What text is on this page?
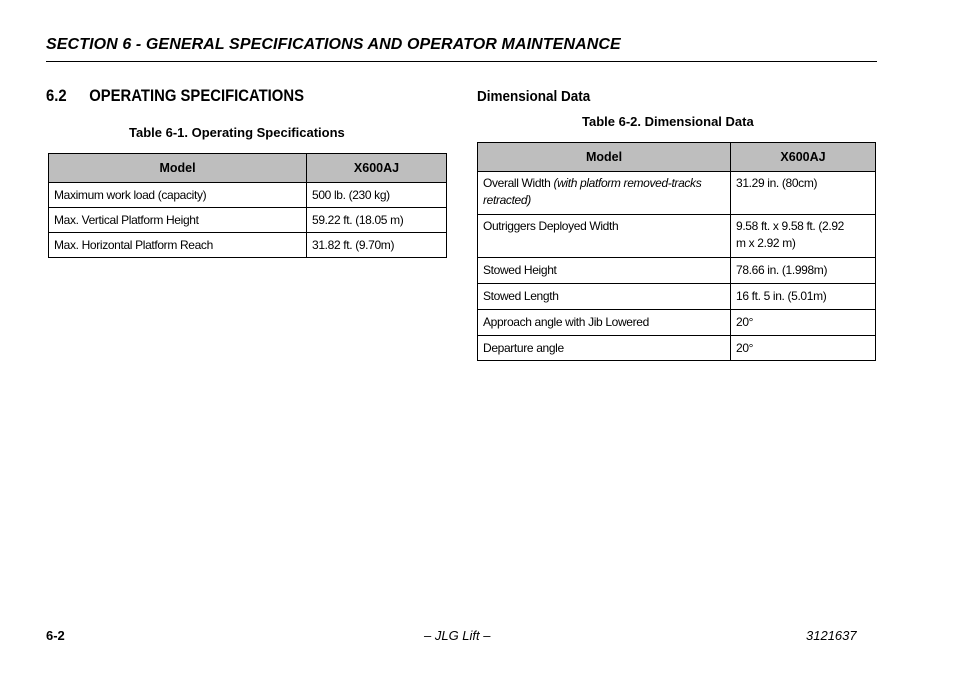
SECTION 6 - GENERAL SPECIFICATIONS AND OPERATOR MAINTENANCE
6.2 OPERATING SPECIFICATIONS	Dimensional Data
Table 6-1. Operating Specifications
Model	X600AJ

Maximum work load (capacity)	500 lb. (230 kg)

Max. Vertical Platform Height	59.22 ft. (18.05 m)

Max. Horizontal Platform Reach	31.82 ft. (9.70m)
Table 6-2. Dimensional Data
Model	X600AJ

Overall Width (with platform removed-tracks retracted)	31.29 in. (80cm)

Outriggers Deployed Width	9.58 ft. x 9.58 ft. (2.92 m x 2.92 m)

Stowed Height	78.66 in. (1.998m)

Stowed Length	16 ft. 5 in. (5.01m)

Approach angle with Jib Lowered	20°

Departure angle	20°
6-2	– JLG Lift –	3121637
